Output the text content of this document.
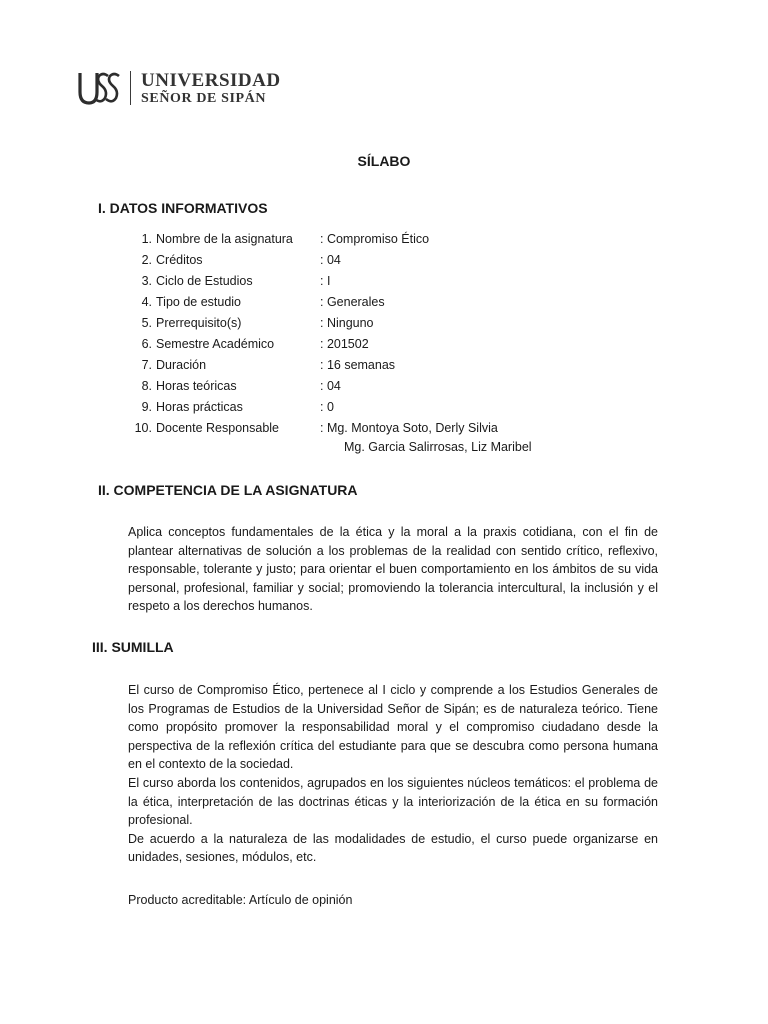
UNIVERSIDAD
SEÑOR DE SIPÁN
SÍLABO
I. DATOS INFORMATIVOS
1. Nombre de la asignatura : Compromiso Ético
2. Créditos	: 04
3. Ciclo de Estudios	: I
4. Tipo de estudio	: Generales
5. Prerrequisito(s)	: Ninguno
6. Semestre Académico	: 201502
7. Duración	: 16 semanas
8. Horas teóricas	: 04
9. Horas prácticas	: 0
10. Docente Responsable	: Mg. Montoya Soto, Derly Silvia
Mg. Garcia Salirrosas, Liz Maribel
II. COMPETENCIA DE LA ASIGNATURA

Aplica conceptos fundamentales de la ética y la moral a la praxis cotidiana, con el fin de plantear alternativas de solución a los problemas de la realidad con sentido crítico, reflexivo, responsable, tolerante y justo; para orientar el buen comportamiento en los ámbitos de su vida personal, profesional, familiar y social; promoviendo la tolerancia intercultural, la inclusión y el respeto a los derechos humanos.

III. SUMILLA

El curso de Compromiso Ético, pertenece al I ciclo y comprende a los Estudios Generales de los Programas de Estudios de la Universidad Señor de Sipán; es de naturaleza teórico. Tiene como propósito promover la responsabilidad moral y el compromiso ciudadano desde la perspectiva de la reflexión crítica del estudiante para que se descubra como persona humana en el contexto de la sociedad.

El curso aborda los contenidos, agrupados en los siguientes núcleos temáticos: el problema de la ética, interpretación de las doctrinas éticas y la interiorización de la ética en su formación profesional.

De acuerdo a la naturaleza de las modalidades de estudio, el curso puede organizarse en unidades, sesiones, módulos, etc.

Producto acreditable: Artículo de opinión
